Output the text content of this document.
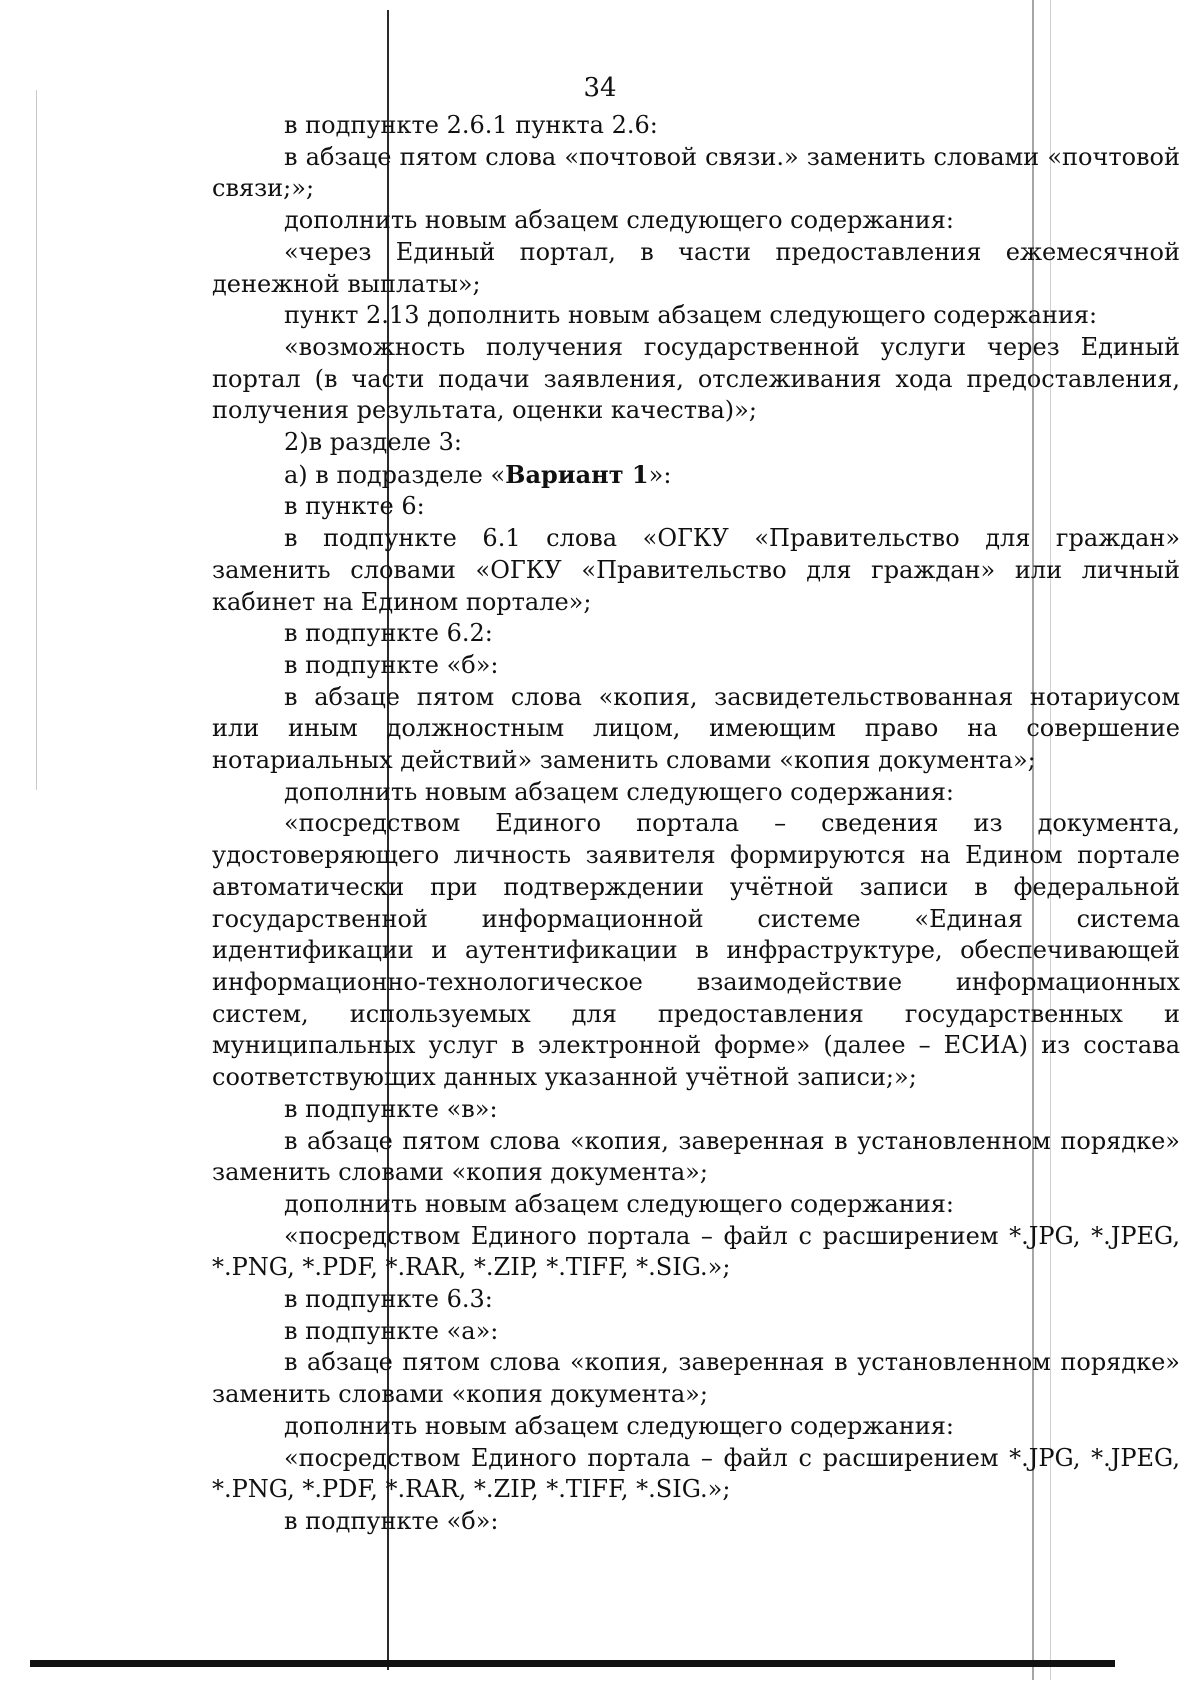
34

в подпункте 2.6.1 пункта 2.6:

в абзаце пятом слова «почтовой связи.» заменить словами «почтовой связи;»;

дополнить новым абзацем следующего содержания:

«через Единый портал, в части предоставления ежемесячной денежной выплаты»;

пункт 2.13 дополнить новым абзацем следующего содержания:

«возможность получения государственной услуги через Единый портал (в части подачи заявления, отслеживания хода предоставления, получения результата, оценки качества)»;

2)в разделе 3:

а) в подразделе «Вариант 1»:

в пункте 6:

в подпункте 6.1 слова «ОГКУ «Правительство для граждан» заменить словами «ОГКУ «Правительство для граждан» или личный кабинет на Едином портале»;

в подпункте 6.2:

в подпункте «б»:

в абзаце пятом слова «копия, засвидетельствованная нотариусом или иным должностным лицом, имеющим право на совершение нотариальных действий» заменить словами «копия документа»;

дополнить новым абзацем следующего содержания:

«посредством Единого портала – сведения из документа, удостоверяющего личность заявителя формируются на Едином портале автоматически при подтверждении учётной записи в федеральной государственной информационной системе «Единая система идентификации и аутентификации в инфраструктуре, обеспечивающей информационно-технологическое взаимодействие информационных систем, используемых для предоставления государственных и муниципальных услуг в электронной форме» (далее – ЕСИА) из состава соответствующих данных указанной учётной записи;»;

в подпункте «в»:

в абзаце пятом слова «копия, заверенная в установленном порядке» заменить словами «копия документа»;

дополнить новым абзацем следующего содержания:

«посредством Единого портала – файл с расширением *.JPG, *.JPEG, *.PNG, *.PDF, *.RAR, *.ZIP, *.TIFF, *.SIG.»;

в подпункте 6.3:

в подпункте «а»:

в абзаце пятом слова «копия, заверенная в установленном порядке» заменить словами «копия документа»;

дополнить новым абзацем следующего содержания:

«посредством Единого портала – файл с расширением *.JPG, *.JPEG, *.PNG, *.PDF, *.RAR, *.ZIP, *.TIFF, *.SIG.»;

в подпункте «б»:
